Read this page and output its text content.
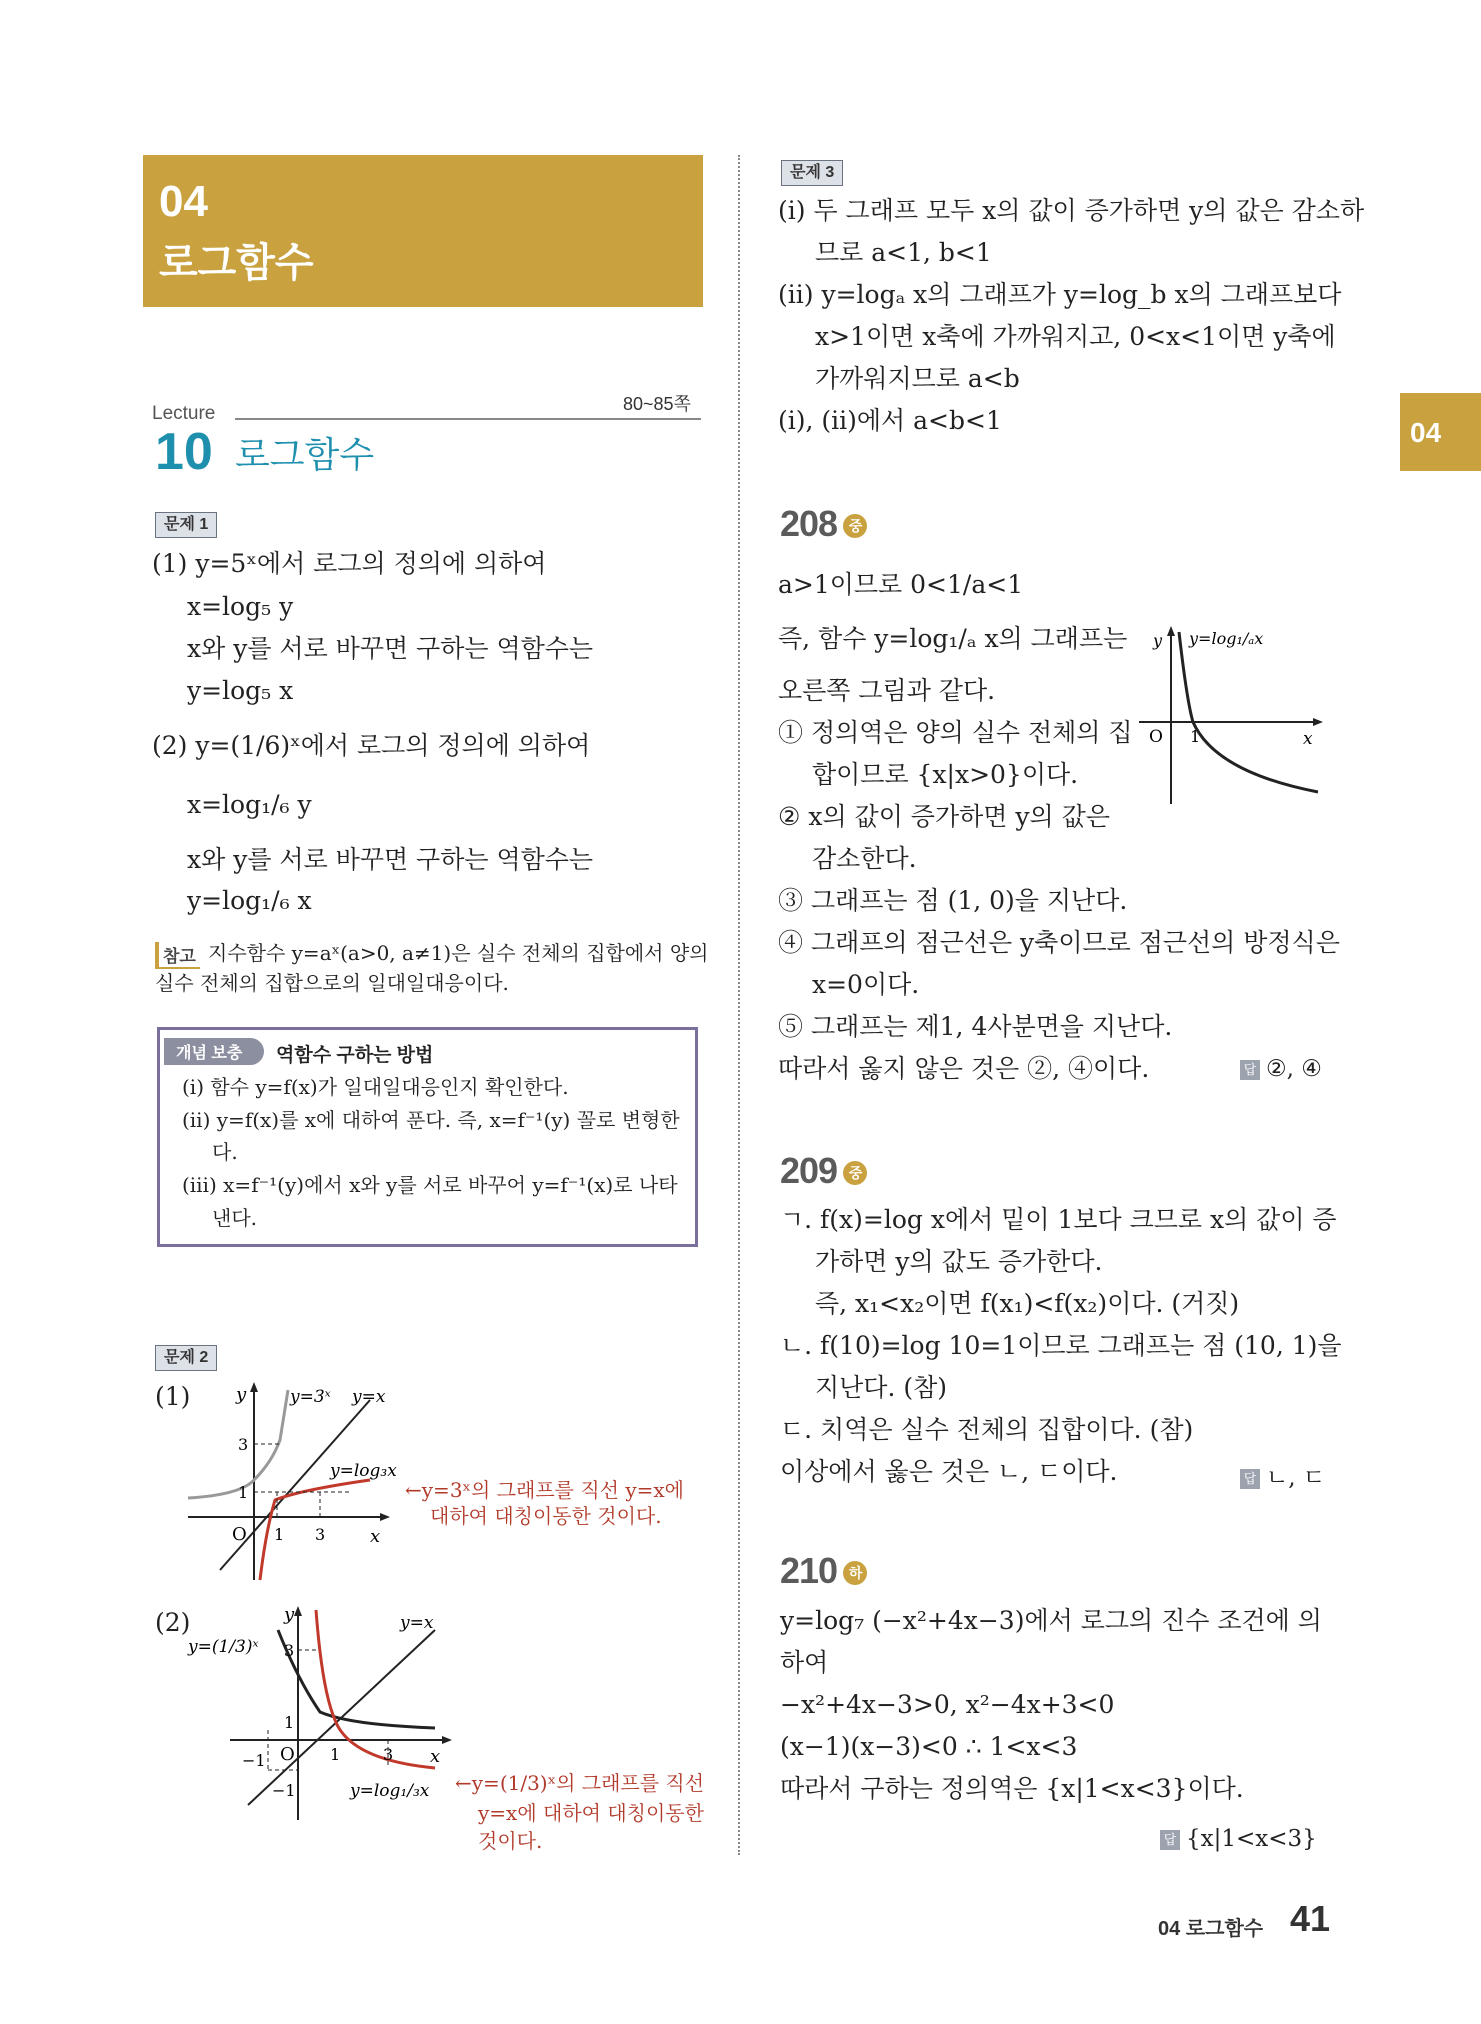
04
로그함수
04
Lecture	80~85쪽
10 로그함수
문제 1
(1) y=5ˣ에서 로그의 정의에 의하여
x=log₅ y
x와 y를 서로 바꾸면 구하는 역함수는
y=log₅ x
(2) y=(1/6)ˣ에서 로그의 정의에 의하여
x=log₁/₆ y
x와 y를 서로 바꾸면 구하는 역함수는
y=log₁/₆ x
참고 지수함수 y=aˣ(a>0, a≠1)은 실수 전체의 집합에서 양의
실수 전체의 집합으로의 일대일대응이다.
개념 보충	역함수 구하는 방법
(ⅰ) 함수 y=f(x)가 일대일대응인지 확인한다.
(ⅱ) y=f(x)를 x에 대하여 푼다. 즉, x=f⁻¹(y) 꼴로 변형한
다.
(ⅲ) x=f⁻¹(y)에서 x와 y를 서로 바꾸어 y=f⁻¹(x)로 나타
낸다.
문제 2
(1)	y
x
O 1 3
1
3
y=3ˣ y=x
y=log₃x
←y=3ˣ의 그래프를 직선 y=x에
대하여 대칭이동한 것이다.
(2)	y
x
O 1	3
1
3
−1
−1
y=(1/3)ˣ
y=x
y=log₁/₃x ←y=(1/3)ˣ의 그래프를 직선
y=x에 대하여 대칭이동한
것이다.
문제 3
(ⅰ) 두 그래프 모두 x의 값이 증가하면 y의 값은 감소하
므로 a<1, b<1
(ⅱ) y=logₐ x의 그래프가 y=log_b x의 그래프보다
x>1이면 x축에 가까워지고, 0<x<1이면 y축에
가까워지므로 a<b
(ⅰ), (ⅱ)에서 a<b<1
208 중
a>1이므로 0<1/a<1
즉, 함수 y=log₁/ₐ x의 그래프는
오른쪽 그림과 같다.
① 정의역은 양의 실수 전체의 집
합이므로 {x|x>0}이다.
② x의 값이 증가하면 y의 값은
감소한다.
③ 그래프는 점 (1, 0)을 지난다.
④ 그래프의 점근선은 y축이므로 점근선의 방정식은
x=0이다.
⑤ 그래프는 제1, 4사분면을 지난다.
따라서 옳지 않은 것은 ②, ④이다.	답 ②, ④
y
x
O 1
y=log₁/ₐx
209 중
ㄱ. f(x)=log x에서 밑이 1보다 크므로 x의 값이 증
가하면 y의 값도 증가한다.
즉, x₁<x₂이면 f(x₁)<f(x₂)이다. (거짓)
ㄴ. f(10)=log 10=1이므로 그래프는 점 (10, 1)을
지난다. (참)
ㄷ. 치역은 실수 전체의 집합이다. (참)
이상에서 옳은 것은 ㄴ, ㄷ이다.	답 ㄴ, ㄷ
210 하
y=log₇ (−x²+4x−3)에서 로그의 진수 조건에 의
하여
−x²+4x−3>0, x²−4x+3<0
(x−1)(x−3)<0 ∴ 1<x<3
따라서 구하는 정의역은 {x|1<x<3}이다.
답 {x|1<x<3}
04 로그함수 41
